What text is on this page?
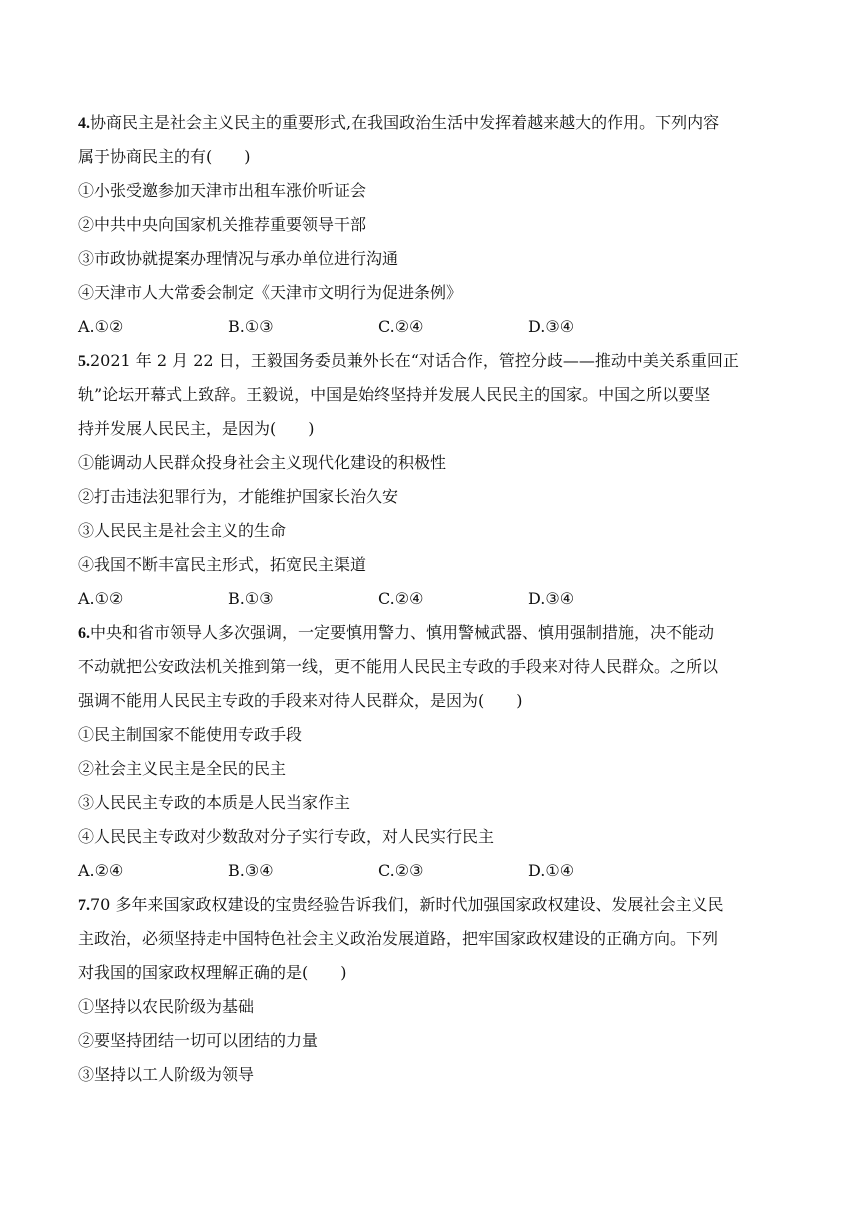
4.协商民主是社会主义民主的重要形式,在我国政治生活中发挥着越来越大的作用。下列内容
属于协商民主的有(　　)
①小张受邀参加天津市出租车涨价听证会
②中共中央向国家机关推荐重要领导干部
③市政协就提案办理情况与承办单位进行沟通
④天津市人大常委会制定《天津市文明行为促进条例》
A.①②	B.①③	C.②④	D.③④
5.2021 年 2 月 22 日，王毅国务委员兼外长在“对话合作，管控分歧——推动中美关系重回正
轨”论坛开幕式上致辞。王毅说，中国是始终坚持并发展人民民主的国家。中国之所以要坚
持并发展人民民主，是因为(　　)
①能调动人民群众投身社会主义现代化建设的积极性
②打击违法犯罪行为，才能维护国家长治久安
③人民民主是社会主义的生命
④我国不断丰富民主形式，拓宽民主渠道
A.①②	B.①③	C.②④	D.③④
6.中央和省市领导人多次强调，一定要慎用警力、慎用警械武器、慎用强制措施，决不能动
不动就把公安政法机关推到第一线，更不能用人民民主专政的手段来对待人民群众。之所以
强调不能用人民民主专政的手段来对待人民群众，是因为(　　)
①民主制国家不能使用专政手段
②社会主义民主是全民的民主
③人民民主专政的本质是人民当家作主
④人民民主专政对少数敌对分子实行专政，对人民实行民主
A.②④	B.③④	C.②③	D.①④
7.70 多年来国家政权建设的宝贵经验告诉我们，新时代加强国家政权建设、发展社会主义民
主政治，必须坚持走中国特色社会主义政治发展道路，把牢国家政权建设的正确方向。下列
对我国的国家政权理解正确的是(　　)
①坚持以农民阶级为基础
②要坚持团结一切可以团结的力量
③坚持以工人阶级为领导
